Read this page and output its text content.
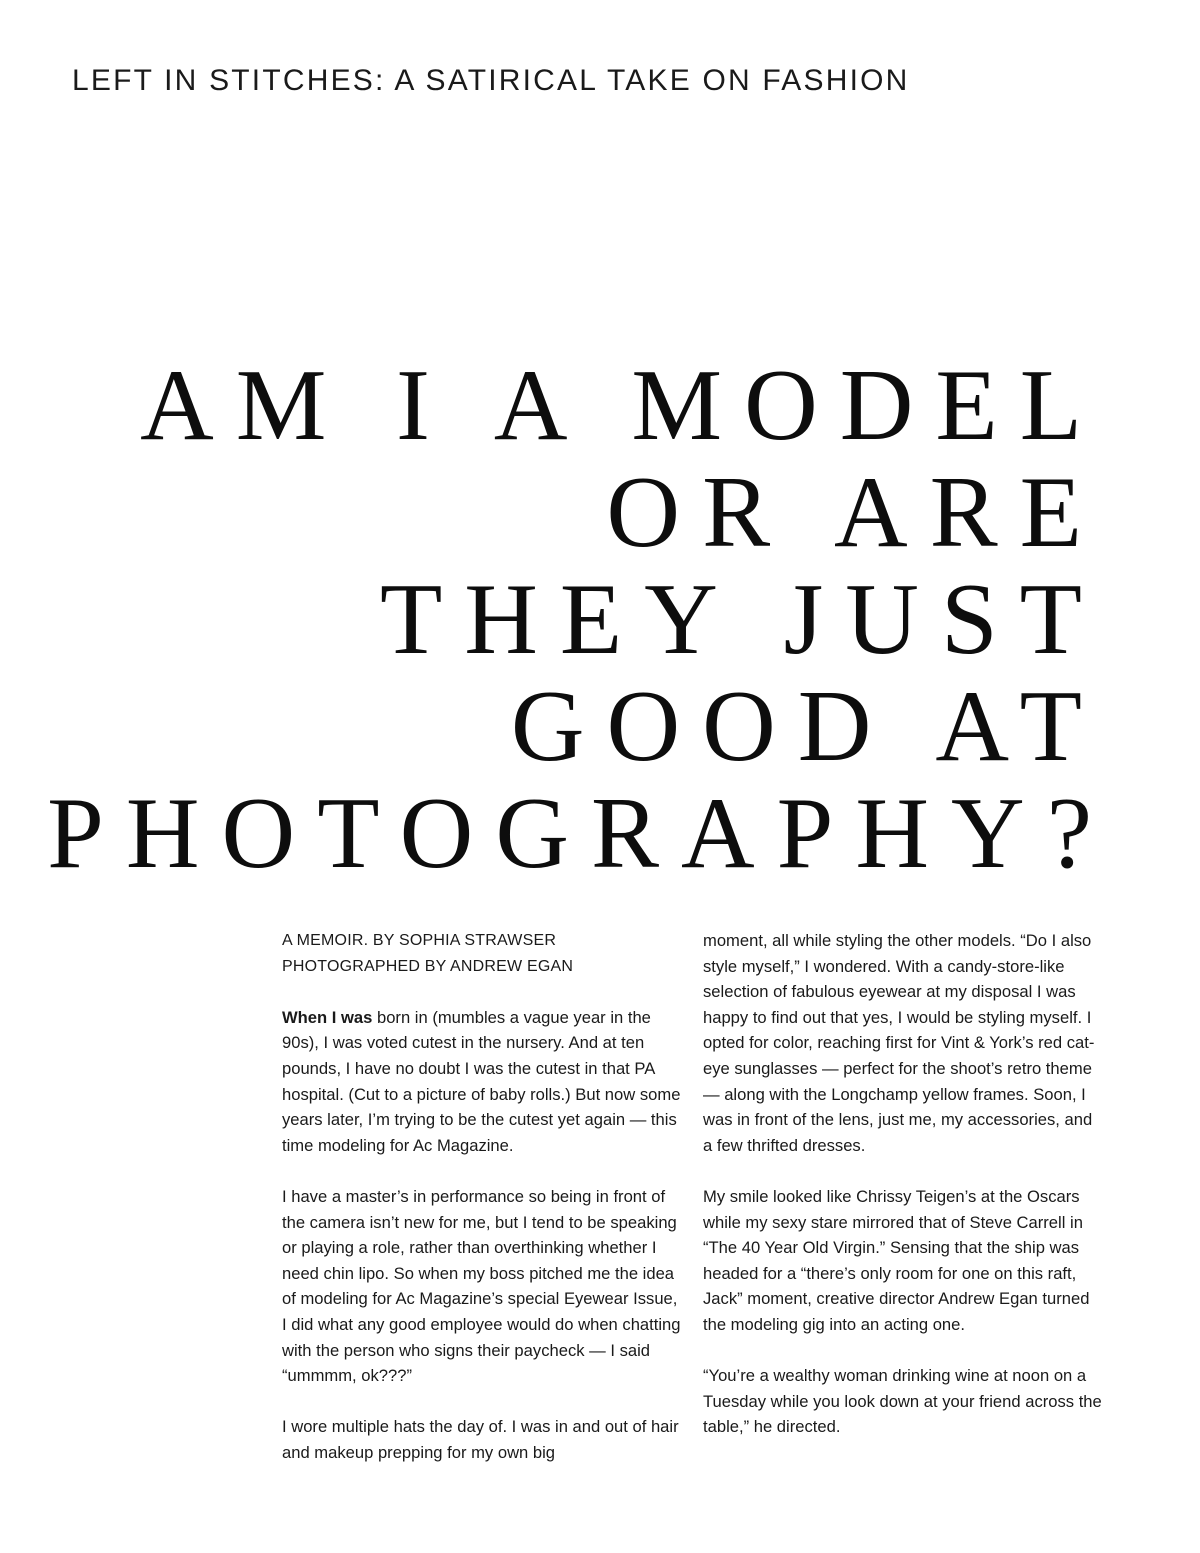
LEFT IN STITCHES: A SATIRICAL TAKE ON FASHION
AM I A MODEL
OR ARE
THEY JUST
GOOD AT
PHOTOGRAPHY?

A MEMOIR. BY SOPHIA STRAWSER
PHOTOGRAPHED BY ANDREW EGAN

When I was born in (mumbles a vague year in the 90s), I was voted cutest in the nursery. And at ten pounds, I have no doubt I was the cutest in that PA hospital. (Cut to a picture of baby rolls.) But now some years later, I’m trying to be the cutest yet again — this time modeling for Ac Magazine.

I have a master’s in performance so being in front of the camera isn’t new for me, but I tend to be speaking or playing a role, rather than overthinking whether I need chin lipo. So when my boss pitched me the idea of modeling for Ac Magazine’s special Eyewear Issue, I did what any good employee would do when chatting with the person who signs their paycheck — I said “ummmm, ok???”

I wore multiple hats the day of. I was in and out of hair and makeup prepping for my own big

moment, all while styling the other models. “Do I also style myself,” I wondered. With a candy-store-like selection of fabulous eyewear at my disposal I was happy to find out that yes, I would be styling myself. I opted for color, reaching first for Vint & York’s red cat-eye sunglasses — perfect for the shoot’s retro theme — along with the Longchamp yellow frames. Soon, I was in front of the lens, just me, my accessories, and a few thrifted dresses.

My smile looked like Chrissy Teigen’s at the Oscars while my sexy stare mirrored that of Steve Carrell in “The 40 Year Old Virgin.” Sensing that the ship was headed for a “there’s only room for one on this raft, Jack” moment, creative director Andrew Egan turned the modeling gig into an acting one.

“You’re a wealthy woman drinking wine at noon on a Tuesday while you look down at your friend across the table,” he directed.
